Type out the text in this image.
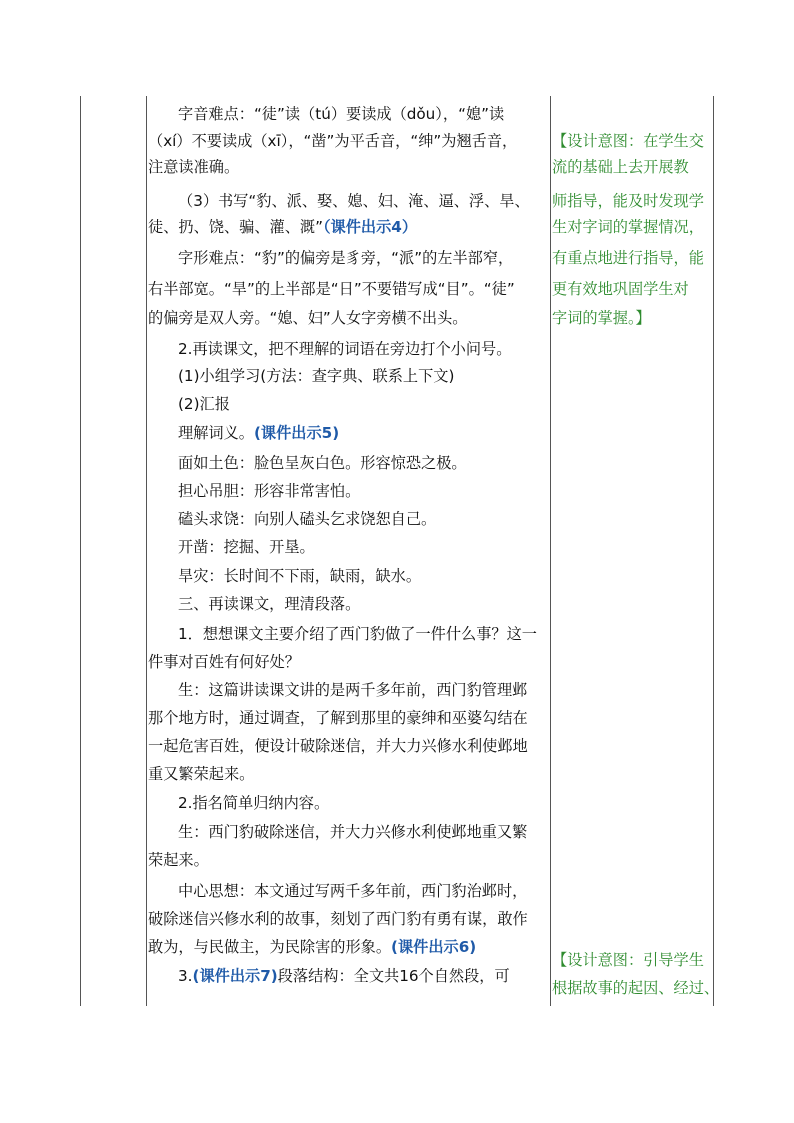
字音难点：“徒”读（tú）要读成（dǒu），“媳”读
（xí）不要读成（xī），“凿”为平舌音，“绅”为翘舌音，
注意读准确。
（3）书写“豹、派、娶、媳、妇、淹、逼、浮、旱、
徒、扔、饶、骗、灌、溉”（课件出示4）
字形难点：“豹”的偏旁是豸旁，“派”的左半部窄，
右半部宽。“旱”的上半部是“日”不要错写成“目”。“徒”
的偏旁是双人旁。“媳、妇”人女字旁横不出头。
2.再读课文，把不理解的词语在旁边打个小问号。
(1)小组学习(方法：查字典、联系上下文)
(2)汇报
理解词义。(课件出示5)
面如土色：脸色呈灰白色。形容惊恐之极。
担心吊胆：形容非常害怕。
磕头求饶：向别人磕头乞求饶恕自己。
开凿：挖掘、开垦。
旱灾：长时间不下雨，缺雨，缺水。
三、再读课文，理清段落。
1．想想课文主要介绍了西门豹做了一件什么事？这一
件事对百姓有何好处？
生：这篇讲读课文讲的是两千多年前，西门豹管理邺
那个地方时，通过调查，了解到那里的豪绅和巫婆勾结在
一起危害百姓，便设计破除迷信，并大力兴修水利使邺地
重又繁荣起来。
2.指名简单归纳内容。
生：西门豹破除迷信，并大力兴修水利使邺地重又繁
荣起来。
中心思想：本文通过写两千多年前，西门豹治邺时，
破除迷信兴修水利的故事，刻划了西门豹有勇有谋，敢作
敢为，与民做主，为民除害的形象。(课件出示6)
3.(课件出示7)段落结构：全文共16个自然段，可
【设计意图：在学生交
流的基础上去开展教
师指导，能及时发现学
生对字词的掌握情况，
有重点地进行指导，能
更有效地巩固学生对
字词的掌握。】
【设计意图：引导学生
根据故事的起因、经过、
